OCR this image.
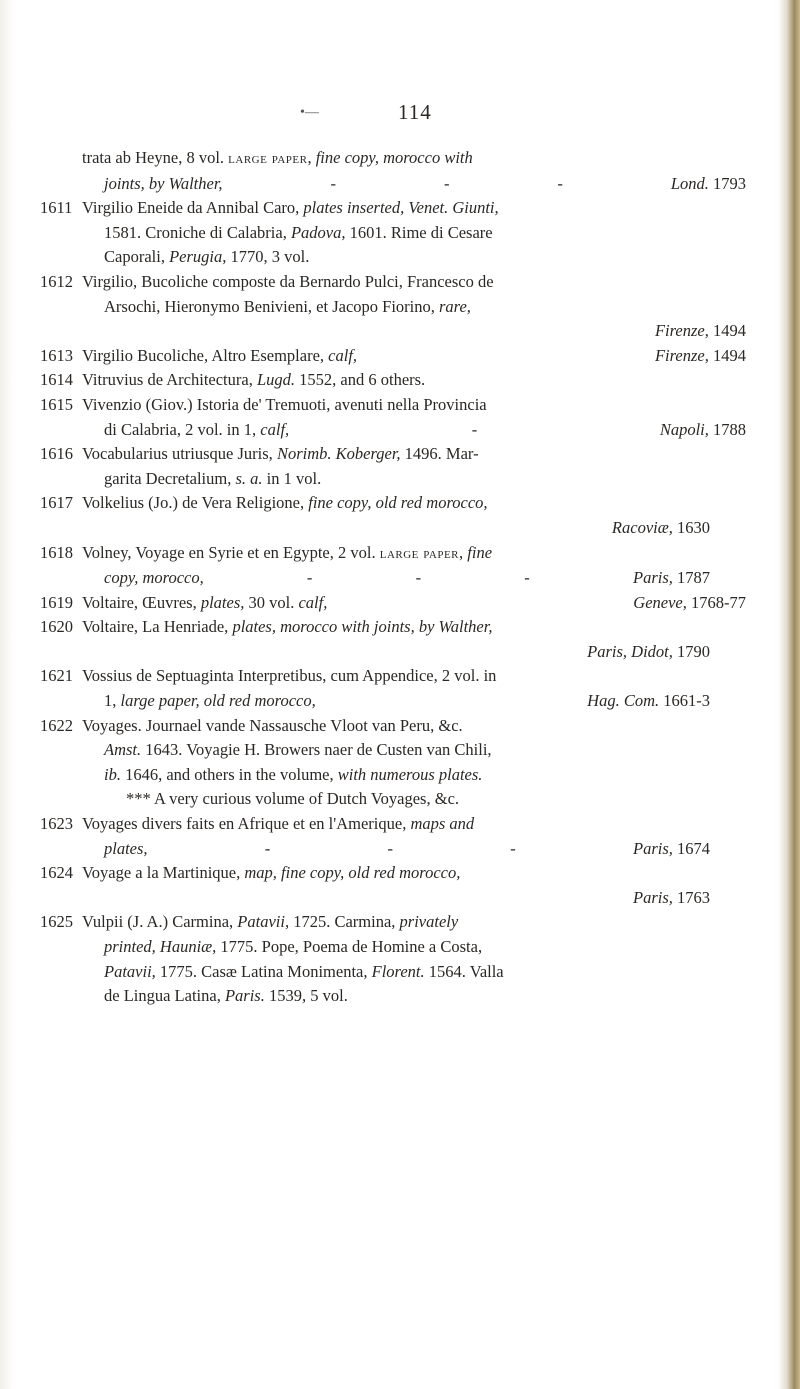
•—	114
trata ab Heyne, 8 vol. large paper, fine copy, morocco with
joints, by Walther,	-	-	-	Lond. 1793
1611 Virgilio Eneide da Annibal Caro, plates inserted, Venet. Giunti,
1581. Croniche di Calabria, Padova, 1601. Rime di Cesare
Caporali, Perugia, 1770, 3 vol.
1612 Virgilio, Bucoliche composte da Bernardo Pulci, Francesco de
Arsochi, Hieronymo Benivieni, et Jacopo Fiorino, rare,
Firenze, 1494
1613 Virgilio Bucoliche, Altro Esemplare, calf,	Firenze, 1494
1614 Vitruvius de Architectura, Lugd. 1552, and 6 others.
1615 Vivenzio (Giov.) Istoria de' Tremuoti, avenuti nella Provincia
di Calabria, 2 vol. in 1, calf,	-	Napoli, 1788
1616 Vocabularius utriusque Juris, Norimb. Koberger, 1496. Mar-
garita Decretalium, s. a. in 1 vol.
1617 Volkelius (Jo.) de Vera Religione, fine copy, old red morocco,
Racoviæ, 1630
1618 Volney, Voyage en Syrie et en Egypte, 2 vol. large paper, fine
copy, morocco,	-	-	-	Paris, 1787
1619 Voltaire, Œuvres, plates, 30 vol. calf,	Geneve, 1768-77
1620 Voltaire, La Henriade, plates, morocco with joints, by Walther,
Paris, Didot, 1790
1621 Vossius de Septuaginta Interpretibus, cum Appendice, 2 vol. in
1, large paper, old red morocco,	Hag. Com. 1661-3
1622 Voyages. Journael vande Nassausche Vloot van Peru, &c.
Amst. 1643. Voyagie H. Browers naer de Custen van Chili,
ib. 1646, and others in the volume, with numerous plates.
*** A very curious volume of Dutch Voyages, &c.
1623 Voyages divers faits en Afrique et en l'Amerique, maps and
plates,	-	-	-	Paris, 1674
1624 Voyage a la Martinique, map, fine copy, old red morocco,
Paris, 1763
1625 Vulpii (J. A.) Carmina, Patavii, 1725. Carmina, privately
printed, Hauniæ, 1775. Pope, Poema de Homine a Costa,
Patavii, 1775. Casæ Latina Monimenta, Florent. 1564. Valla
de Lingua Latina, Paris. 1539, 5 vol.
